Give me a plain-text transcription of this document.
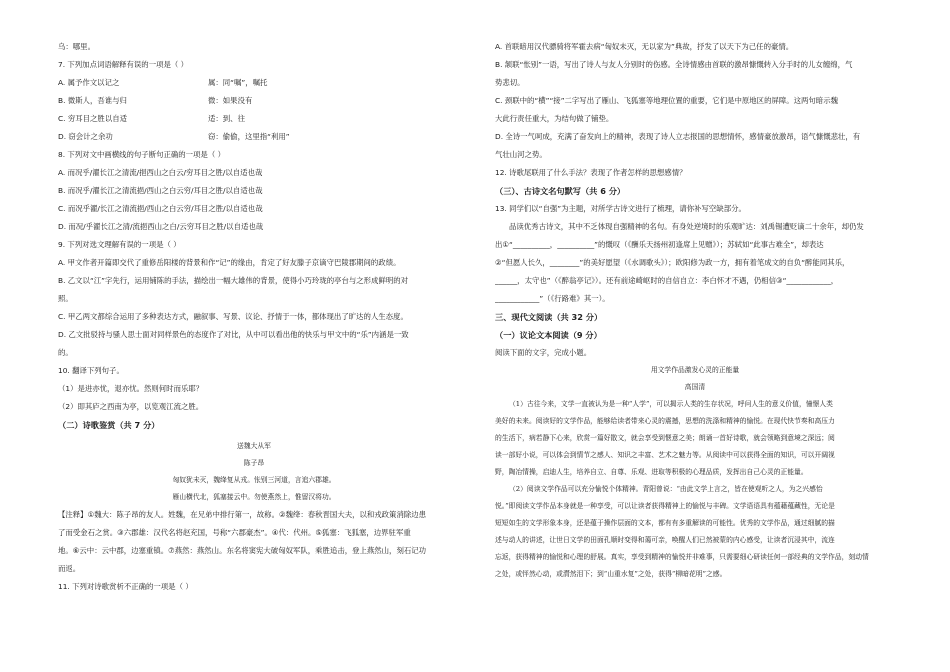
乌：哪里。
7. 下列加点词语解释有误的一项是（ ）
A. 属予作文以记之	属：同“嘱”，嘱托
B. 微斯人，吾谁与归	微：如果没有
C. 穷耳目之胜以自适	适：到、往
D. 窃会计之余功	窃：偷偷，这里指“利用”
8. 下列对文中画横线的句子断句正确的一项是（ ）
A. 而况乎/濯长江之清流/挹西山之白云/穷耳目之胜/以自适也哉
B. 而况乎/濯长江之清流挹/西山之白云穷/耳目之胜/以自适也哉
C. 而况乎濯/长江之清流挹/西山之白云穷/耳目之胜/以自适也哉
D. 而况/乎濯长江之清/流挹西山之白/云穷耳目之胜/以自适也哉
9. 下列对选文理解有误的一项是（ ）
A. 甲文作者开篇即交代了重修岳阳楼的背景和作“记”的缘由，肯定了好友滕子京谪守巴陵郡期间的政绩。
B. 乙文以“江”字先行，运用铺陈的手法，描绘出一幅大雄伟的背景，使得小巧玲珑的亭台与之形成鲜明的对
照。
C. 甲乙两文都综合运用了多种表达方式，融叙事、写景、议论、抒情于一体，都体现出了旷达的人生态度。
D. 乙文批驳持与骚人思士面对同样景色的态度作了对比，从中可以看出他的快乐与甲文中的“乐”内涵是一致
的。
10. 翻译下列句子。
（1）是进亦忧，退亦忧。然则何时而乐耶？
（2）即其庐之西南为亭，以览观江流之胜。
（二）诗歌鉴赏（共 7 分）
送魏大从军
陈子昂
匈奴犹未灭，魏绛复从戎。怅别三河道，言追六郡雄。
雁山横代北，狐塞接云中。勿使燕然上，惟留汉将功。
【注释】①魏大：陈子昂的友人。姓魏，在兄弟中排行第一，故称。②魏绛：春秋晋国大夫，以和戎政策消除边患
了而受金石之赏。③六郡雄：汉代名将赵充国，号称“六郡豪杰”。④代：代州。⑤狐塞：飞狐塞，边界驻军重
地。⑥云中：云中郡，边塞重镇。⑦燕然：燕然山。东名将窦宪大破匈奴军队，乘胜追击，登上燕然山，刻石记功
而返。
11. 下列对诗歌赏析不正确的一项是（ ）
A. 首联暗用汉代骠骑将军霍去病“匈奴未灭，无以家为”典故，抒发了以天下为己任的豪情。
B. 颔联“怅别”一语，写出了诗人与友人分别时的伤感。全诗情感由首联的激昂慷慨转入分手时的儿女缠绵，气
势悲切。
C. 颈联中的“横”“接”二字写出了雁山、飞狐塞等地理位置的重要，它们是中原地区的屏障。这两句暗示魏
大此行责任重大，为结句做了铺垫。
D. 全诗一气呵成，充满了奋发向上的精神，表现了诗人立志报国的思想情怀，感情豪放激昂，语气慷慨悲壮，有
气壮山河之势。
12. 诗歌尾联用了什么手法？表现了作者怎样的思想感情？
（三）、古诗文名句默写（共 6 分）
13. 同学们以“自强”为主题，对所学古诗文进行了梳理，请你补写空缺部分。
品读优秀古诗文，其中不乏体现自强精神的名句。有身处逆境时的乐观旷达：刘禹锡遭贬谪二十余年，却仍发
出①“__________，__________”的慨叹（《酬乐天扬州初逢席上见赠》）；苏轼如“此事古难全”，却表达
②“但愿人长久，________”的美好愿望（《水调歌头》）；欧阳修为政一方，拥有着笔成文的自负“醉能同其乐，
______，太守也”（《醉翁亭记》）。还有前途崎岖时的自信自立：李白怀才不遇，仍相信③“____________，
____________”（《行路难》其一）。
三、现代文阅读（共 32 分）
（一）议论文本阅读（9 分）
阅读下面的文字，完成小题。
用文学作品激发心灵的正能量
高国清
（1）古往今来，文学一直被认为是一种“人学”，可以揭示人类的生存状况，呼问人生的意义价值，憧憬人类
美好的未来。阅读好的文学作品，能够给读者带来心灵的震撼，思想的洗涤和精神的愉悦。在现代快节奏和高压力
的生活下，病若静下心来，欣赏一篇好散文，就会享受到惬意之美；朗诵一首好诗歌，就会领略到意境之深远；阅
读一部好小说，可以体会到情节之感人、知识之丰富、艺术之魅力等。从阅读中可以获得全面的知识，可以开阔视
野，陶冶情操，启迪人生，培养自立、自尊、乐观、进取等积极的心理品质，发挥出自己心灵的正能量。
（2）阅读文学作品可以充分愉悦个体精神。青阳曾说：“由此文学上言之，皆在使观听之人，为之兴感怡
悦。”即阅读文学作品本身就是一种享受，可以让读者获得精神上的愉悦与丰碑。文学语语具有蕴藉蕴藏性，无论是
短短如生的文学形象本身，还是蕴于操作层面的文本，都有有多重解读的可能性。优秀的文学作品，通过细腻的描
述与动人的讲述，让世日文学的田面孔顺时变得和蔼可亲，唤醒人们已然被蒙的内心感受，让读者沉浸其中，流连
忘返，获得精神的愉悦和心理的舒展。真实，享受到精神的愉悦并非难事，只需要细心研读任何一部经典的文学作品，刻动情
之处，或怦然心动，或潸然泪下；到“山重水复”之处，获得“柳暗花明”之感。
